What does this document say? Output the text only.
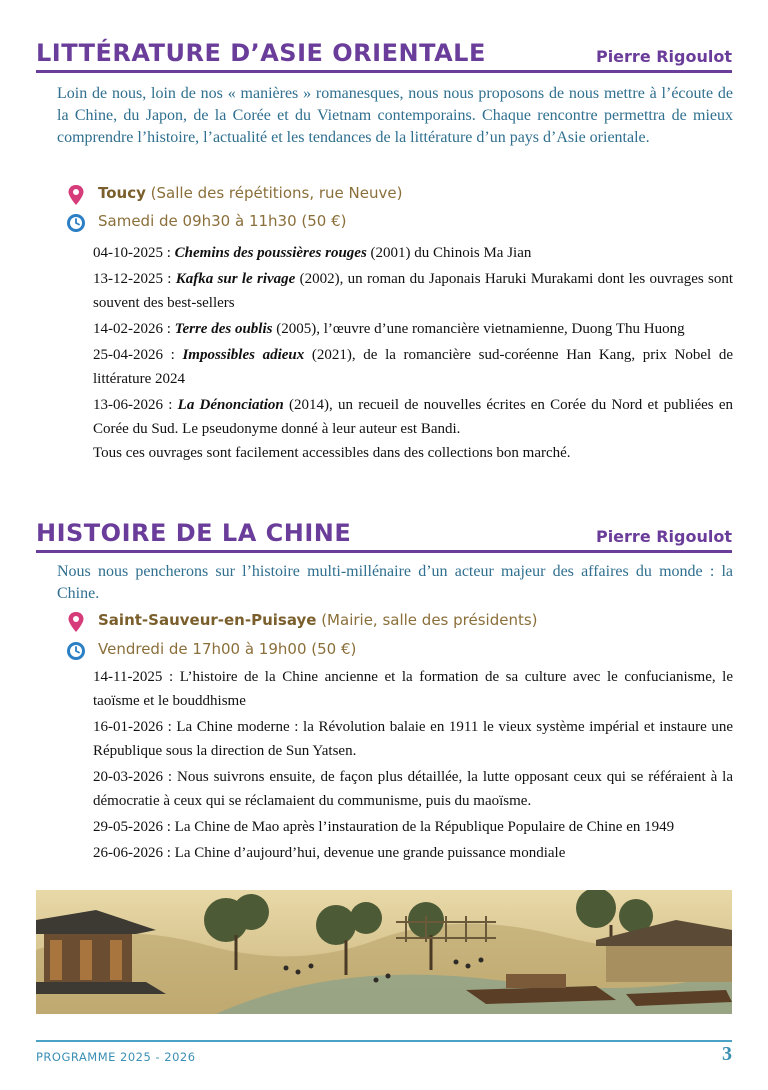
LITTÉRATURE D’ASIE ORIENTALE	Pierre Rigoulot

Loin de nous, loin de nos « manières » romanesques, nous nous proposons de nous mettre à l’écoute de la Chine, du Japon, de la Corée et du Vietnam contemporains. Chaque rencontre permettra de mieux comprendre l’histoire, l’actualité et les tendances de la littérature d’un pays d’Asie orientale.

Toucy (Salle des répétitions, rue Neuve)
Samedi de 09h30 à 11h30 (50 €)

04-10-2025 : Chemins des poussières rouges (2001) du Chinois Ma Jian

13-12-2025 : Kafka sur le rivage (2002), un roman du Japonais Haruki Murakami dont les ouvrages sont souvent des best-sellers

14-02-2026 : Terre des oublis (2005), l’œuvre d’une romancière vietnamienne, Duong Thu Huong

25-04-2026 : Impossibles adieux (2021), de la romancière sud-coréenne Han Kang, prix Nobel de littérature 2024

13-06-2026 : La Dénonciation (2014), un recueil de nouvelles écrites en Corée du Nord et publiées en Corée du Sud. Le pseudonyme donné à leur auteur est Bandi.

Tous ces ouvrages sont facilement accessibles dans des collections bon marché.

HISTOIRE DE LA CHINE	Pierre Rigoulot

Nous nous pencherons sur l’histoire multi-millénaire d’un acteur majeur des affaires du monde : la Chine.

Saint-Sauveur-en-Puisaye (Mairie, salle des présidents)
Vendredi de 17h00 à 19h00 (50 €)

14-11-2025 : L’histoire de la Chine ancienne et la formation de sa culture avec le confucianisme, le taoïsme et le bouddhisme

16-01-2026 : La Chine moderne : la Révolution balaie en 1911 le vieux système impérial et instaure une République sous la direction de Sun Yatsen.

20-03-2026 : Nous suivrons ensuite, de façon plus détaillée, la lutte opposant ceux qui se référaient à la démocratie à ceux qui se réclamaient du communisme, puis du maoïsme.

29-05-2026 : La Chine de Mao après l’instauration de la République Populaire de Chine en 1949

26-06-2026 : La Chine d’aujourd’hui, devenue une grande puissance mondiale

PROGRAMME 2025 - 2026	3
